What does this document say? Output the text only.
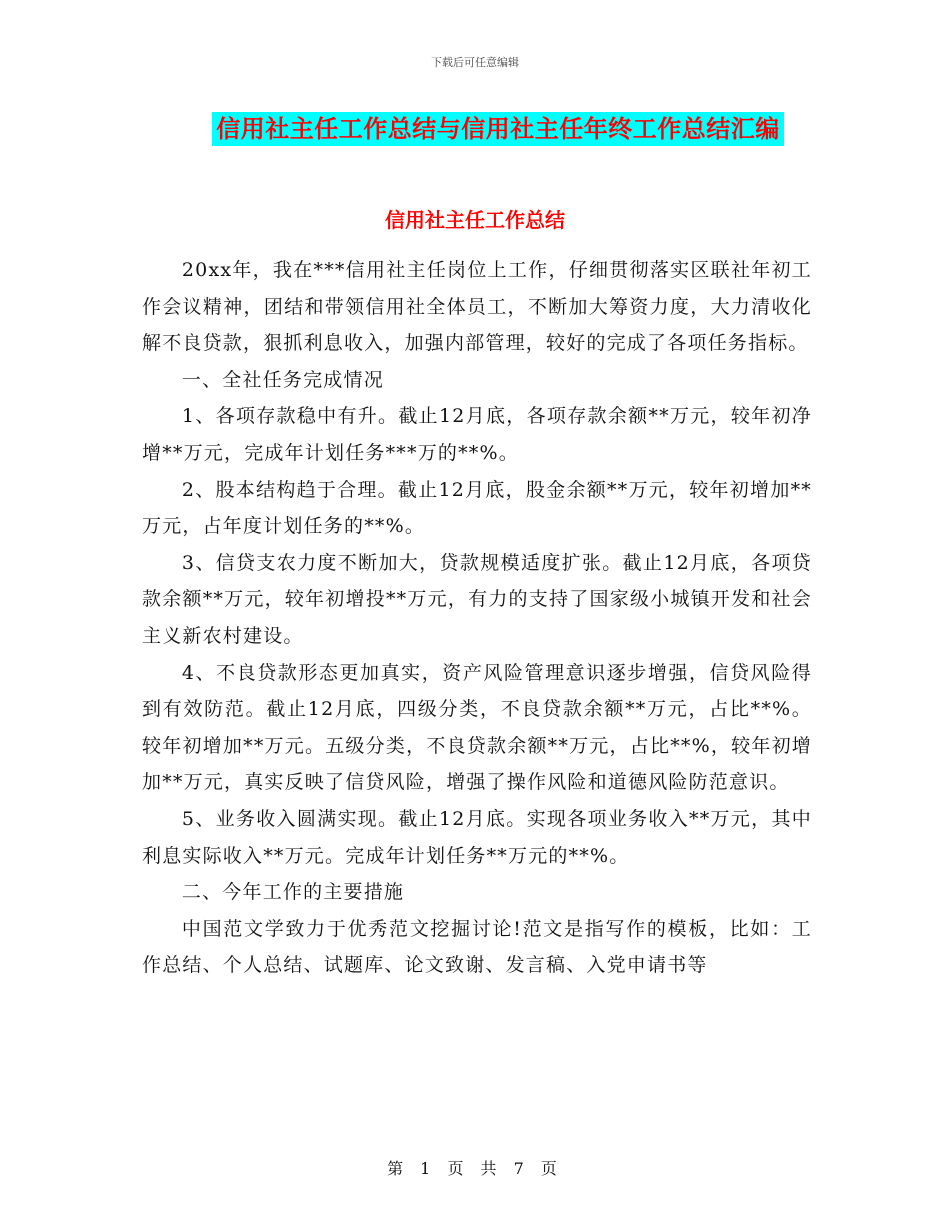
下载后可任意编辑
信用社主任工作总结与信用社主任年终工作总结汇编
信用社主任工作总结

20xx年，我在***信用社主任岗位上工作，仔细贯彻落实区联社年初工作会议精神，团结和带领信用社全体员工，不断加大筹资力度，大力清收化解不良贷款，狠抓利息收入，加强内部管理，较好的完成了各项任务指标。

一、全社任务完成情况

1、各项存款稳中有升。截止12月底，各项存款余额**万元，较年初净增**万元，完成年计划任务***万的**%。

2、股本结构趋于合理。截止12月底，股金余额**万元，较年初增加**万元，占年度计划任务的**%。

3、信贷支农力度不断加大，贷款规模适度扩张。截止12月底，各项贷款余额**万元，较年初增投**万元，有力的支持了国家级小城镇开发和社会主义新农村建设。

4、不良贷款形态更加真实，资产风险管理意识逐步增强，信贷风险得到有效防范。截止12月底，四级分类，不良贷款余额**万元，占比**%。较年初增加**万元。五级分类，不良贷款余额**万元，占比**%，较年初增加**万元，真实反映了信贷风险，增强了操作风险和道德风险防范意识。

5、业务收入圆满实现。截止12月底。实现各项业务收入**万元，其中利息实际收入**万元。完成年计划任务**万元的**%。

二、今年工作的主要措施

中国范文学致力于优秀范文挖掘讨论!范文是指写作的模板，比如：工作总结、个人总结、试题库、论文致谢、发言稿、入党申请书等

第 1 页 共 7 页
